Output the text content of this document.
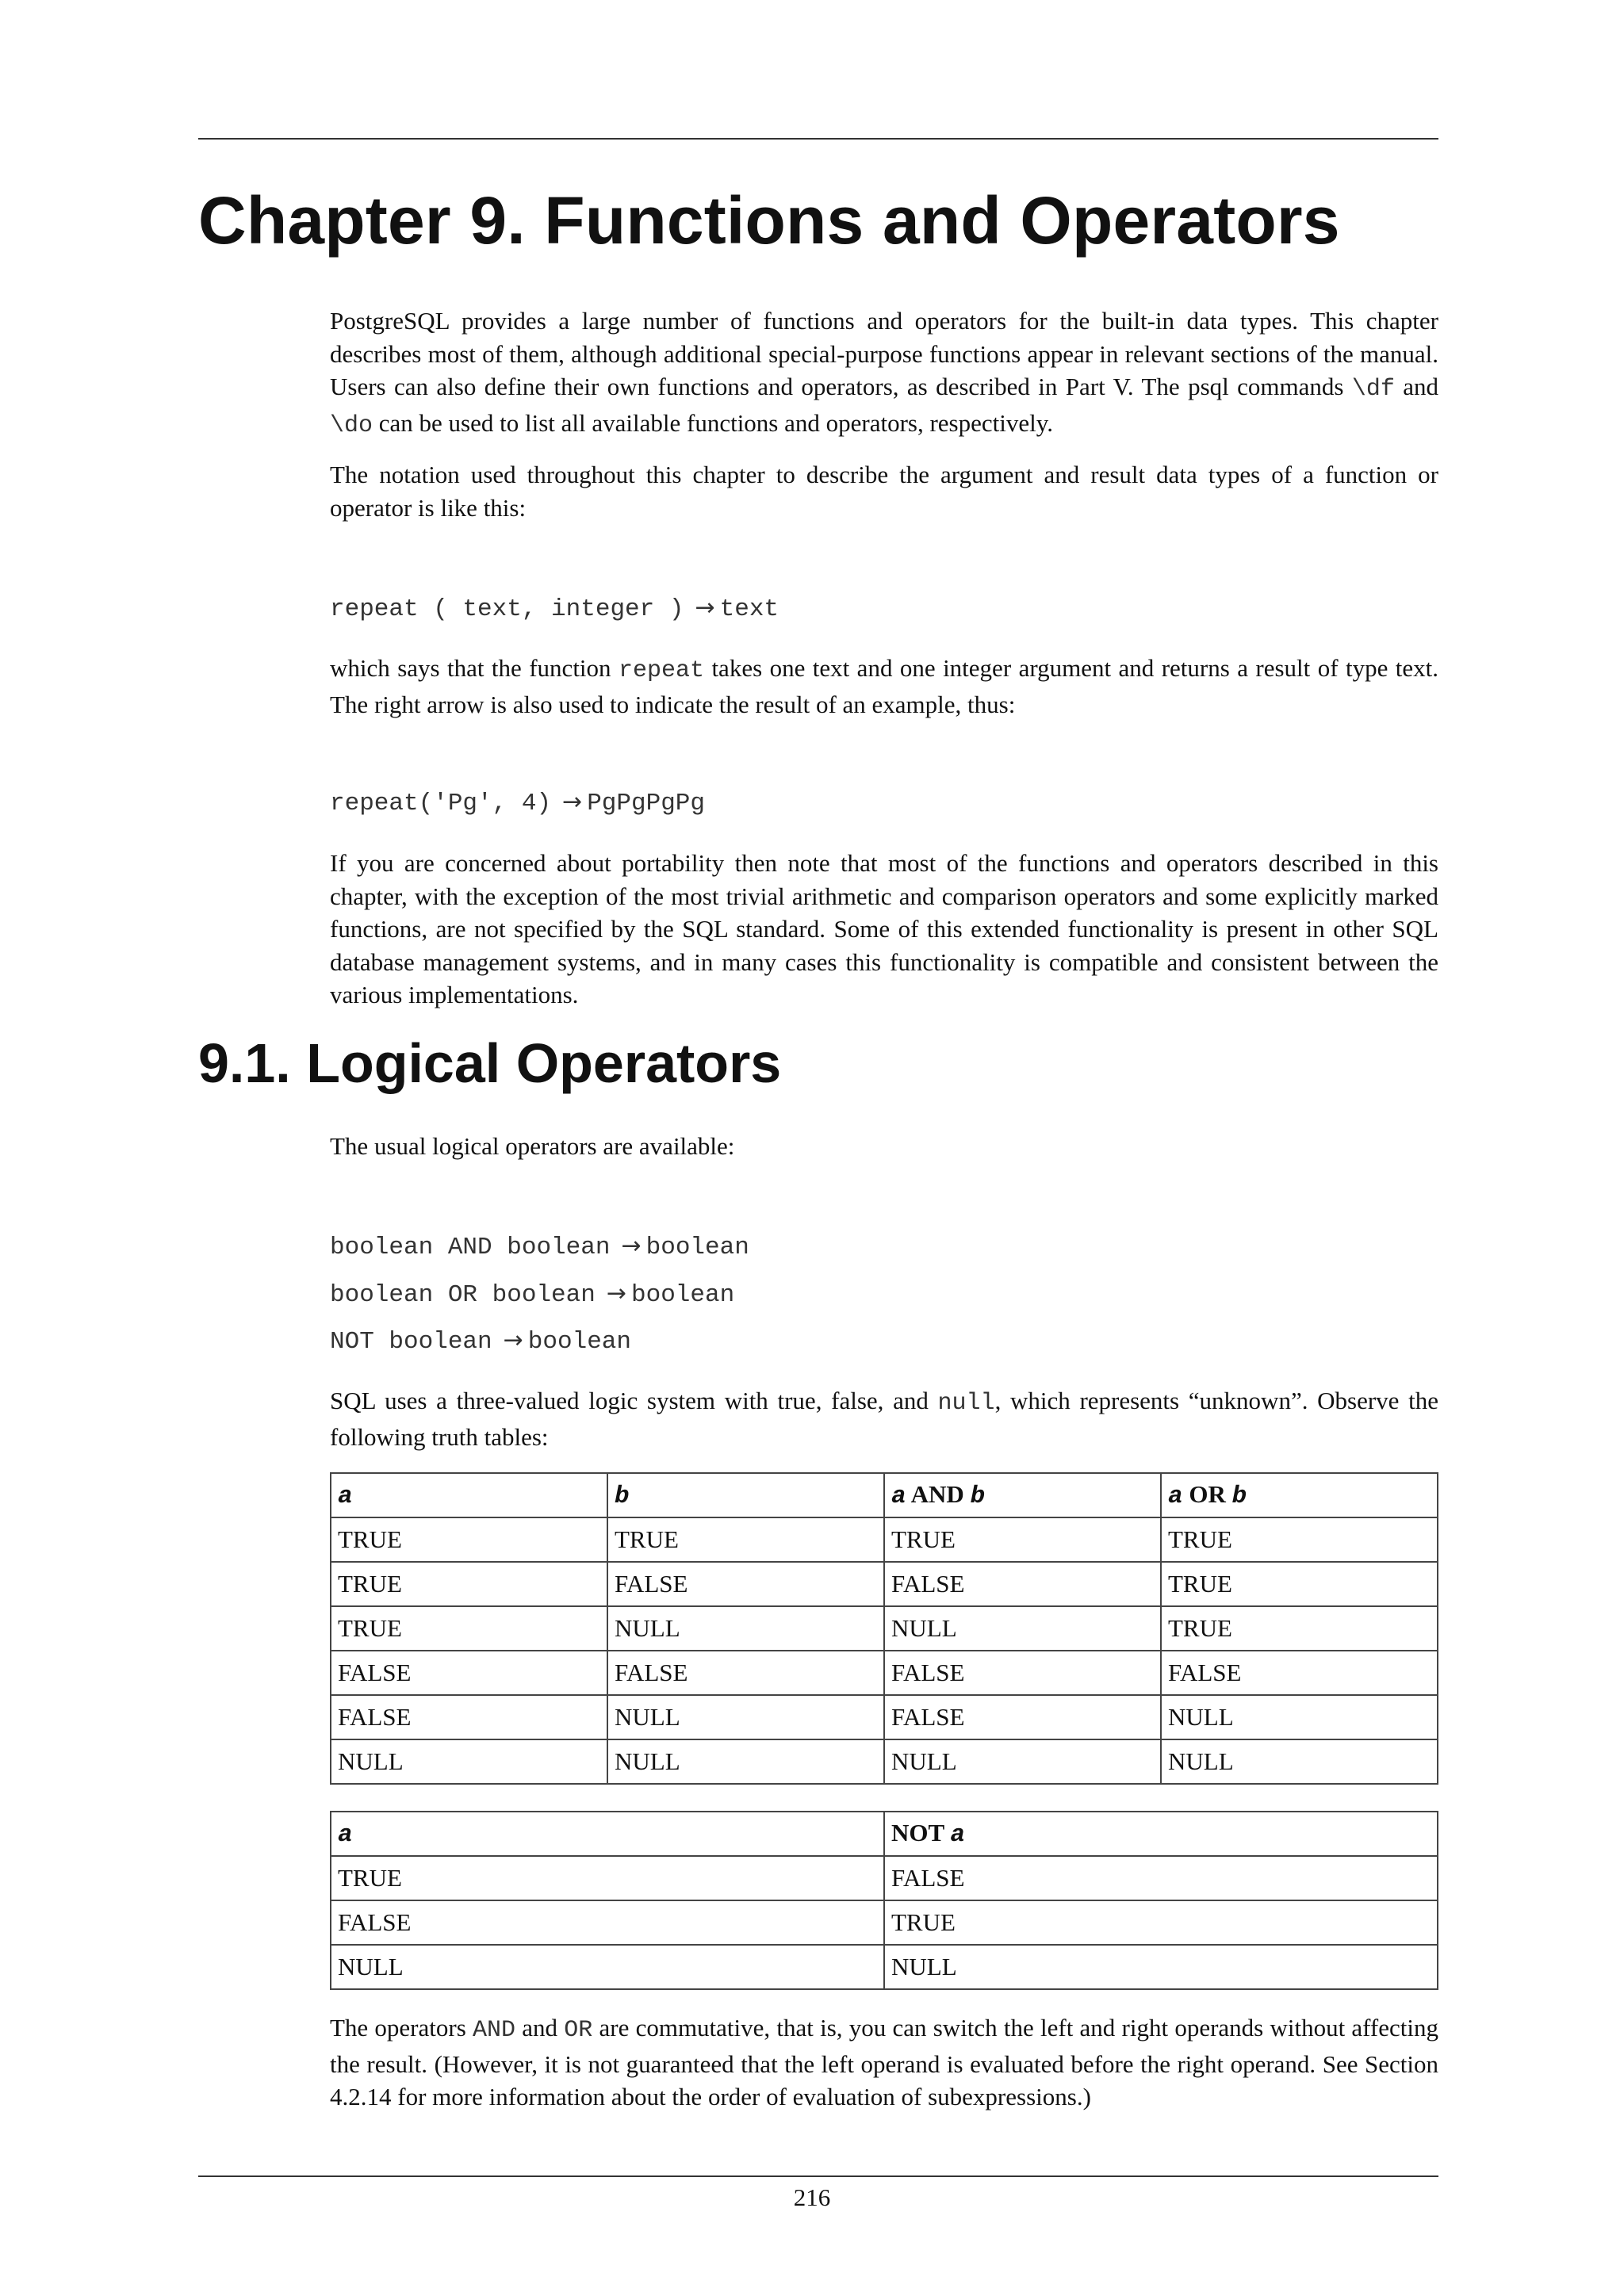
Chapter 9. Functions and Operators

PostgreSQL provides a large number of functions and operators for the built-in data types. This chapter describes most of them, although additional special-purpose functions appear in relevant sections of the manual. Users can also define their own functions and operators, as described in Part V. The psql commands \df and \do can be used to list all available functions and operators, respectively.

The notation used throughout this chapter to describe the argument and result data types of a function or operator is like this:

repeat ( text, integer ) → text

which says that the function repeat takes one text and one integer argument and returns a result of type text. The right arrow is also used to indicate the result of an example, thus:

repeat('Pg', 4) → PgPgPgPg

If you are concerned about portability then note that most of the functions and operators described in this chapter, with the exception of the most trivial arithmetic and comparison operators and some explicitly marked functions, are not specified by the SQL standard. Some of this extended functionality is present in other SQL database management systems, and in many cases this functionality is compatible and consistent between the various implementations.

9.1. Logical Operators

The usual logical operators are available:

boolean AND boolean → boolean
boolean OR boolean → boolean
NOT boolean → boolean

SQL uses a three-valued logic system with true, false, and null, which represents “unknown”. Observe the following truth tables:

a	b	a AND b	a OR b
TRUE	TRUE	TRUE	TRUE
TRUE	FALSE	FALSE	TRUE
TRUE	NULL	NULL	TRUE
FALSE	FALSE	FALSE	FALSE
FALSE	NULL	FALSE	NULL
NULL	NULL	NULL	NULL
a	NOT a
TRUE	FALSE
FALSE	TRUE
NULL	NULL

The operators AND and OR are commutative, that is, you can switch the left and right operands without affecting the result. (However, it is not guaranteed that the left operand is evaluated before the right operand. See Section 4.2.14 for more information about the order of evaluation of subexpressions.)

216
